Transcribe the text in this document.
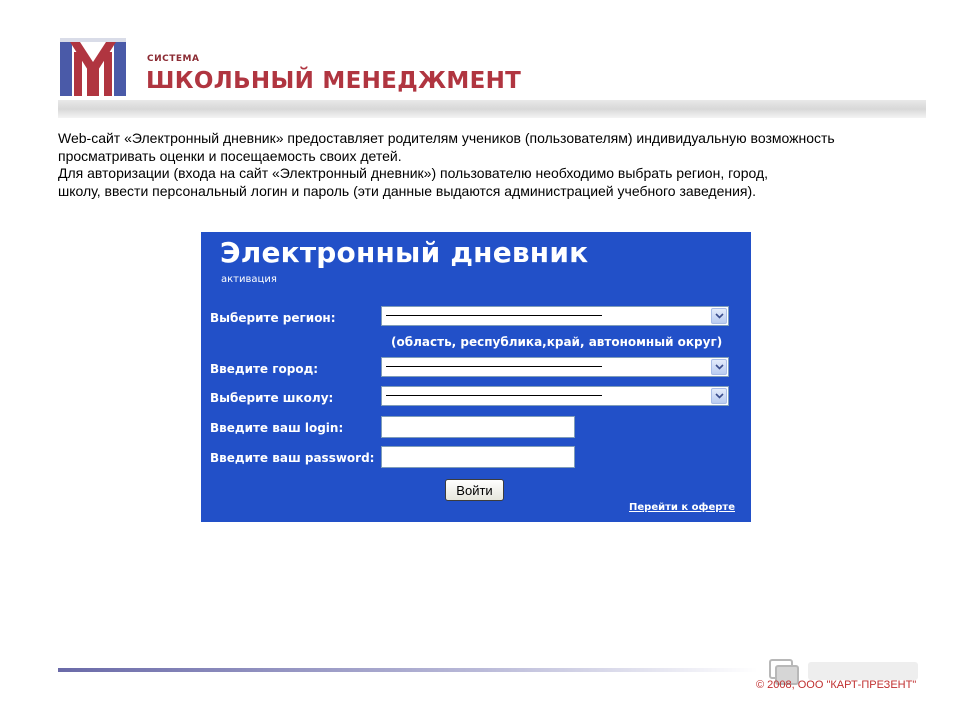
СИСТЕМА
ШКОЛЬНЫЙ МЕНЕДЖМЕНТ

Web-сайт «Электронный дневник» предоставляет родителям учеников (пользователям) индивидуальную возможность

просматривать оценки и посещаемость своих детей.

Для авторизации (входа на сайт «Электронный дневник») пользователю необходимо выбрать регион, город,

школу, ввести персональный логин и пароль (эти данные выдаются администрацией учебного заведения).

Электронный дневник
активация
Выберите регион:
(область, республика,край, автономный округ)
Введите город:
Выберите школу:
Введите ваш login:
Введите ваш password:
Войти
Перейти к оферте
© 2008, ООО "КАРТ-ПРЕЗЕНТ"
